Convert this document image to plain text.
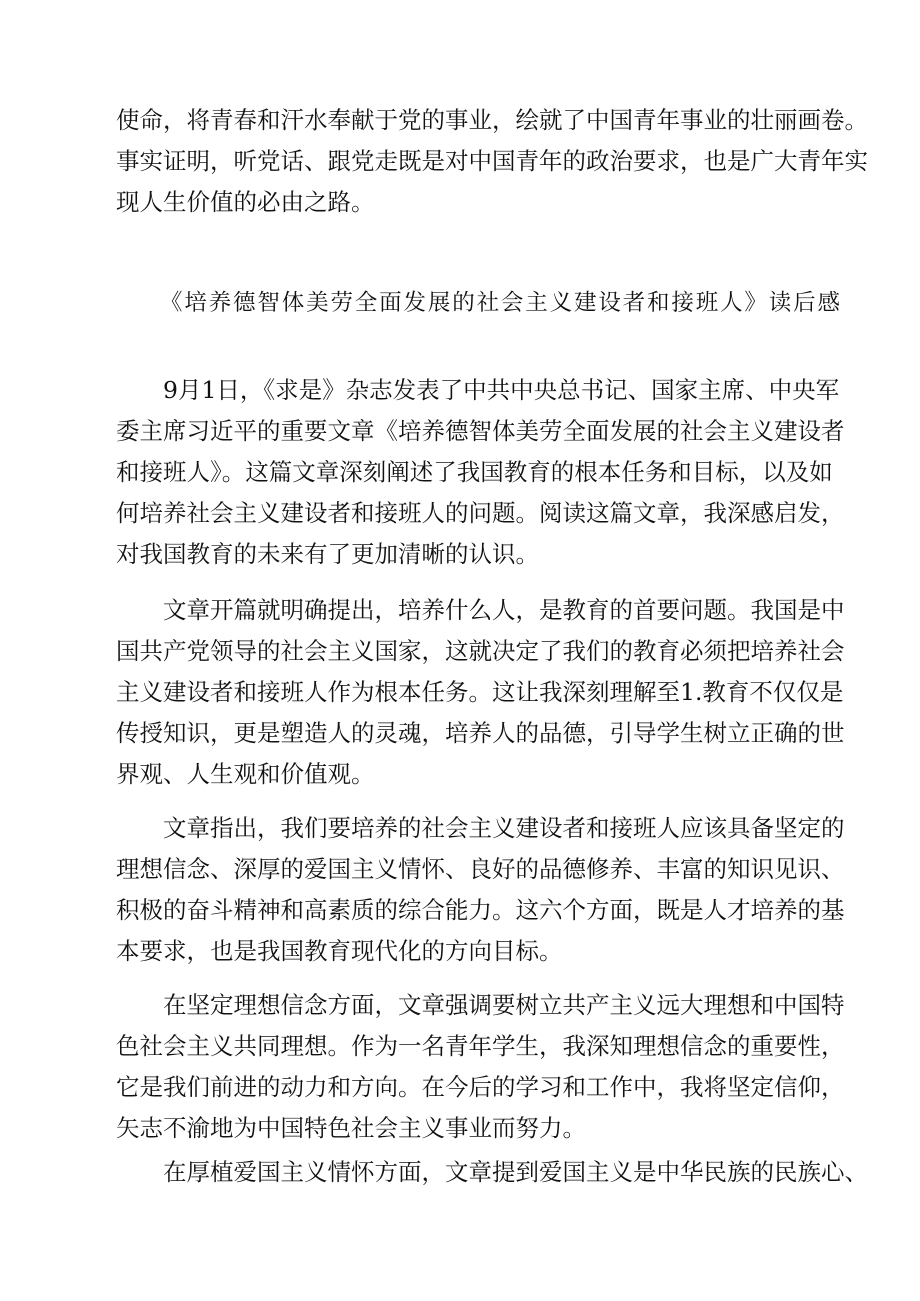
使命，将青春和汗水奉献于党的事业，绘就了中国青年事业的壮丽画卷。
事实证明，听党话、跟党走既是对中国青年的政治要求，也是广大青年实
现人生价值的必由之路。
《培养德智体美劳全面发展的社会主义建设者和接班人》读后感
9月1日，《求是》杂志发表了中共中央总书记、国家主席、中央军
委主席习近平的重要文章《培养德智体美劳全面发展的社会主义建设者
和接班人》。这篇文章深刻阐述了我国教育的根本任务和目标，以及如
何培养社会主义建设者和接班人的问题。阅读这篇文章，我深感启发，
对我国教育的未来有了更加清晰的认识。
文章开篇就明确提出，培养什么人，是教育的首要问题。我国是中
国共产党领导的社会主义国家，这就决定了我们的教育必须把培养社会
主义建设者和接班人作为根本任务。这让我深刻理解至1.教育不仅仅是
传授知识，更是塑造人的灵魂，培养人的品德，引导学生树立正确的世
界观、人生观和价值观。
文章指出，我们要培养的社会主义建设者和接班人应该具备坚定的
理想信念、深厚的爱国主义情怀、良好的品德修养、丰富的知识见识、
积极的奋斗精神和高素质的综合能力。这六个方面，既是人才培养的基
本要求，也是我国教育现代化的方向目标。
在坚定理想信念方面，文章强调要树立共产主义远大理想和中国特
色社会主义共同理想。作为一名青年学生，我深知理想信念的重要性，
它是我们前进的动力和方向。在今后的学习和工作中，我将坚定信仰，
矢志不渝地为中国特色社会主义事业而努力。
在厚植爱国主义情怀方面，文章提到爱国主义是中华民族的民族心、
